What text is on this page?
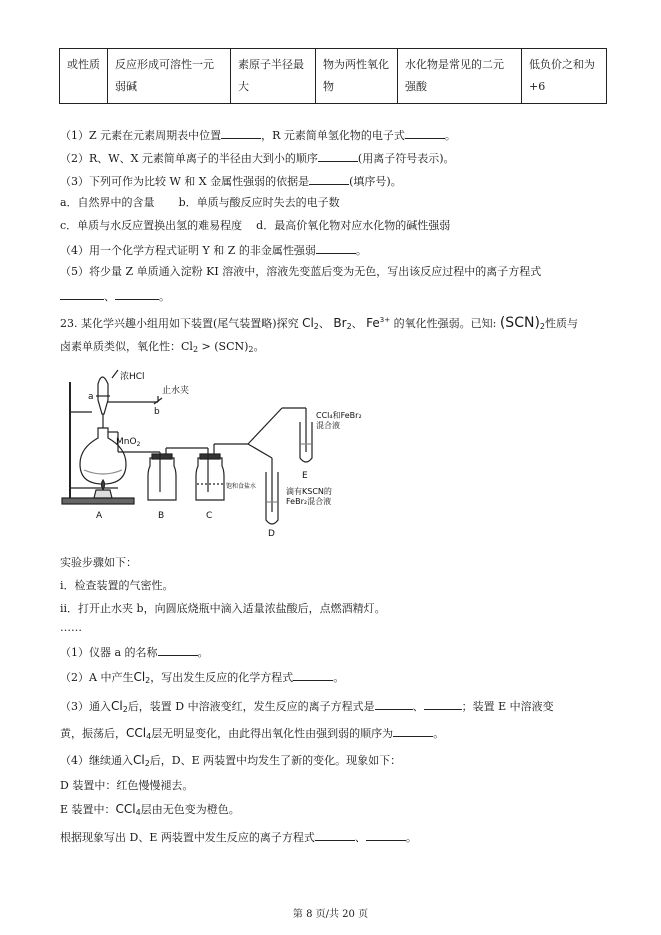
或性质	反应形成可溶性一元弱碱	素原子半径最大	物为两性氧化物	水化物是常见的二元强酸	低负价之和为+6
（1）Z 元素在元素周期表中位置	，R 元素简单氢化物的电子式	。
（2）R、W、X 元素简单离子的半径由大到小的顺序	(用离子符号表示)。
（3）下列可作为比较 W 和 X 金属性强弱的依据是	(填序号)。
a．自然界中的含量 b．单质与酸反应时失去的电子数
c．单质与水反应置换出氢的难易程度 d．最高价氧化物对应水化物的碱性强弱
（4）用一个化学方程式证明 Y 和 Z 的非金属性强弱	。
（5）将少量 Z 单质通入淀粉 KI 溶液中，溶液先变蓝后变为无色，写出该反应过程中的离子方程式
、	。
23. 某化学兴趣小组用如下装置(尾气装置略)探究 $Cl_2$、 $Br_2$、 $Fe^{3+}$ 的氧化性强弱。已知: $(SCN)_2$性质与
卤素单质类似，氧化性：$Cl_2 > (SCN)_2$。
浓HCl
止水夹
a
b
MnO$_2$
饱和食盐水
CCl₄和FeBr₂
混合液
滴有KSCN的
FeBr₂混合液
A	B	C
D
E
实验步骤如下：
i．检查装置的气密性。
ii．打开止水夹 b，向圆底烧瓶中滴入适量浓盐酸后，点燃酒精灯。
……
（1）仪器 a 的名称	。
（2）A 中产生$Cl_2$，写出发生反应的化学方程式	。
（3）通入$Cl_2$后，装置 D 中溶液变红，发生反应的离子方程式是	、	；装置 E 中溶液变
黄，振荡后，CCl$_4$层无明显变化，由此得出氧化性由强到弱的顺序为	。
（4）继续通入$Cl_2$后，D、E 两装置中均发生了新的变化。现象如下：
D 装置中：红色慢慢褪去。
E 装置中：CCl$_4$层由无色变为橙色。
根据现象写出 D、E 两装置中发生反应的离子方程式	、	。
第 8 页/共 20 页
